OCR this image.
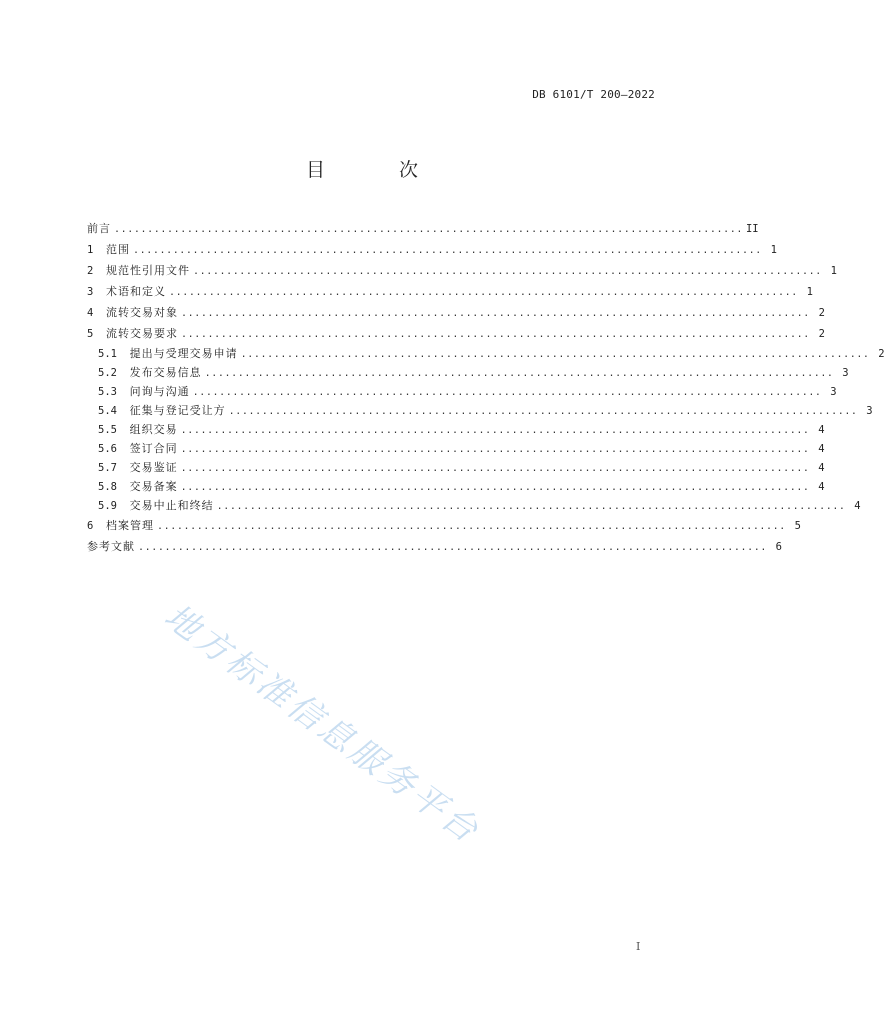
DB 6101/T 200—2022
目 次
前言 ............................................................................................... II
1 范围 ............................................................................................... 1
2 规范性引用文件 ............................................................................................... 1
3 术语和定义 ............................................................................................... 1
4 流转交易对象 ............................................................................................... 2
5 流转交易要求 ............................................................................................... 2
5.1 提出与受理交易申请 ............................................................................................... 2
5.2 发布交易信息 ............................................................................................... 3
5.3 问询与沟通 ............................................................................................... 3
5.4 征集与登记受让方 ............................................................................................... 3
5.5 组织交易 ............................................................................................... 4
5.6 签订合同 ............................................................................................... 4
5.7 交易鉴证 ............................................................................................... 4
5.8 交易备案 ............................................................................................... 4
5.9 交易中止和终结 ............................................................................................... 4
6 档案管理 ............................................................................................... 5
参考文献 ............................................................................................... 6
地方标准信息服务平台
I
